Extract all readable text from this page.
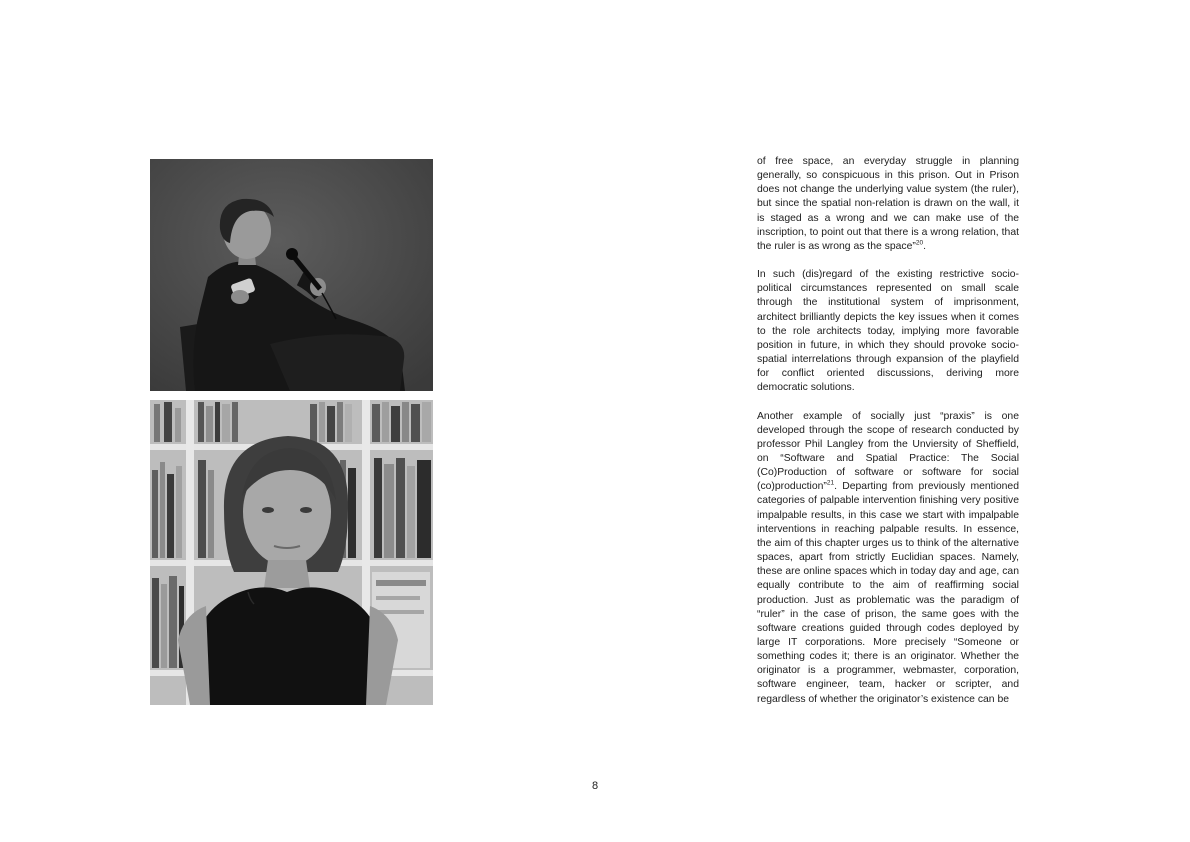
of free space, an everyday struggle in planning generally, so conspicuous in this prison. Out in Prison does not change the underlying value system (the ruler), but since the spatial non-relation is drawn on the wall, it is staged as a wrong and we can make use of the inscription, to point out that there is a wrong relation, that the ruler is as wrong as the space”$^{20}$.

In such (dis)regard of the existing restrictive socio-political circumstances represented on small scale through the institutional system of imprisonment, architect brilliantly depicts the key issues when it comes to the role architects today, implying more favorable position in future, in which they should provoke socio-spatial interrelations through expansion of the playfield for conflict oriented discussions, deriving more democratic solutions.

Another example of socially just “praxis” is one developed through the scope of research conducted by professor Phil Langley from the Unviersity of Sheffield, on “Software and Spatial Practice: The Social (Co)Production of software or software for social (co)production”$^{21}$. Departing from previously mentioned categories of palpable intervention finishing very positive impalpable results, in this case we start with impalpable interventions in reaching palpable results. In essence, the aim of this chapter urges us to think of the alternative spaces, apart from strictly Euclidian spaces. Namely, these are online spaces which in today day and age, can equally contribute to the aim of reaffirming social production. Just as problematic was the paradigm of “ruler” in the case of prison, the same goes with the software creations guided through codes deployed by large IT corporations. More precisely “Someone or something codes it; there is an originator. Whether the originator is a programmer, webmaster, corporation, software engineer, team, hacker or scripter, and regardless of whether the originator’s existence can be

8
